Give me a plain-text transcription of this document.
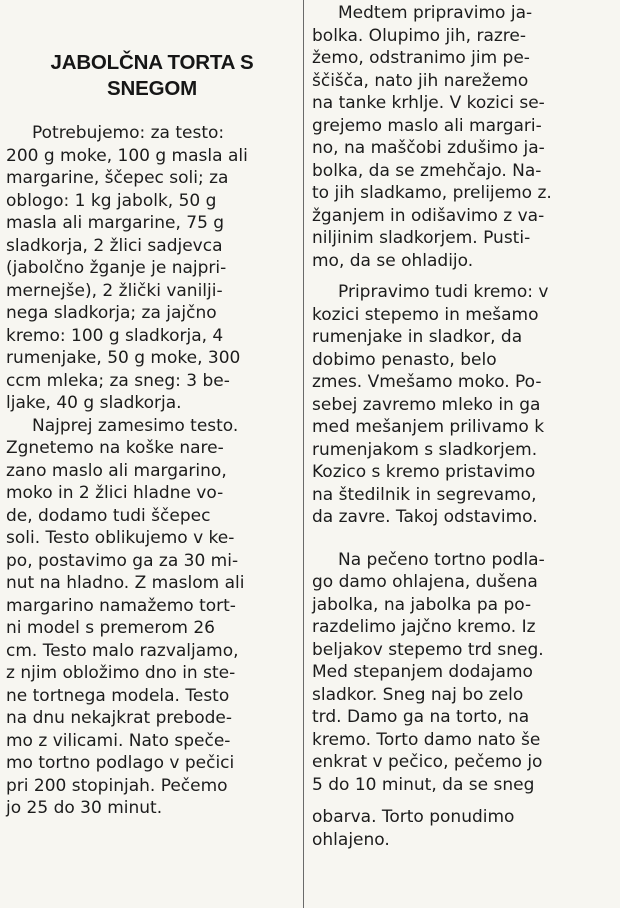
JABOLČNA TORTA S
SNEGOM

Potrebujemo: za testo:
200 g moke, 100 g masla ali
margarine, ščepec soli; za
oblogo: 1 kg jabolk, 50 g
masla ali margarine, 75 g
sladkorja, 2 žlici sadjevca
(jabolčno žganje je najpri-
mernejše), 2 žlički vanilji-
nega sladkorja; za jajčno
kremo: 100 g sladkorja, 4
rumenjake, 50 g moke, 300
ccm mleka; za sneg: 3 be-
ljake, 40 g sladkorja.

Najprej zamesimo testo.
Zgnetemo na koške nare-
zano maslo ali margarino,
moko in 2 žlici hladne vo-
de, dodamo tudi ščepec
soli. Testo oblikujemo v ke-
po, postavimo ga za 30 mi-
nut na hladno. Z maslom ali
margarino namažemo tort-
ni model s premerom 26
cm. Testo malo razvaljamo,
z njim obložimo dno in ste-
ne tortnega modela. Testo
na dnu nekajkrat prebode-
mo z vilicami. Nato speče-
mo tortno podlago v pečici
pri 200 stopinjah. Pečemo
jo 25 do 30 minut.

Medtem pripravimo ja-
bolka. Olupimo jih, razre-
žemo, odstranimo jim pe-
ščišča, nato jih narežemo
na tanke krhlje. V kozici se-
grejemo maslo ali margari-
no, na maščobi zdušimo ja-
bolka, da se zmehčajo. Na-
to jih sladkamo, prelijemo z.
žganjem in odišavimo z va-
niljinim sladkorjem. Pusti-
mo, da se ohladijo.

Pripravimo tudi kremo: v
kozici stepemo in mešamo
rumenjake in sladkor, da
dobimo penasto, belo
zmes. Vmešamo moko. Po-
sebej zavremo mleko in ga
med mešanjem prilivamo k
rumenjakom s sladkorjem.
Kozico s kremo pristavimo
na štedilnik in segrevamo,
da zavre. Takoj odstavimo.

Na pečeno tortno podla-
go damo ohlajena, dušena
jabolka, na jabolka pa po-
razdelimo jajčno kremo. Iz
beljakov stepemo trd sneg.
Med stepanjem dodajamo
sladkor. Sneg naj bo zelo
trd. Damo ga na torto, na
kremo. Torto damo nato še
enkrat v pečico, pečemo jo
5 do 10 minut, da se sneg

obarva. Torto ponudimo
ohlajeno.
